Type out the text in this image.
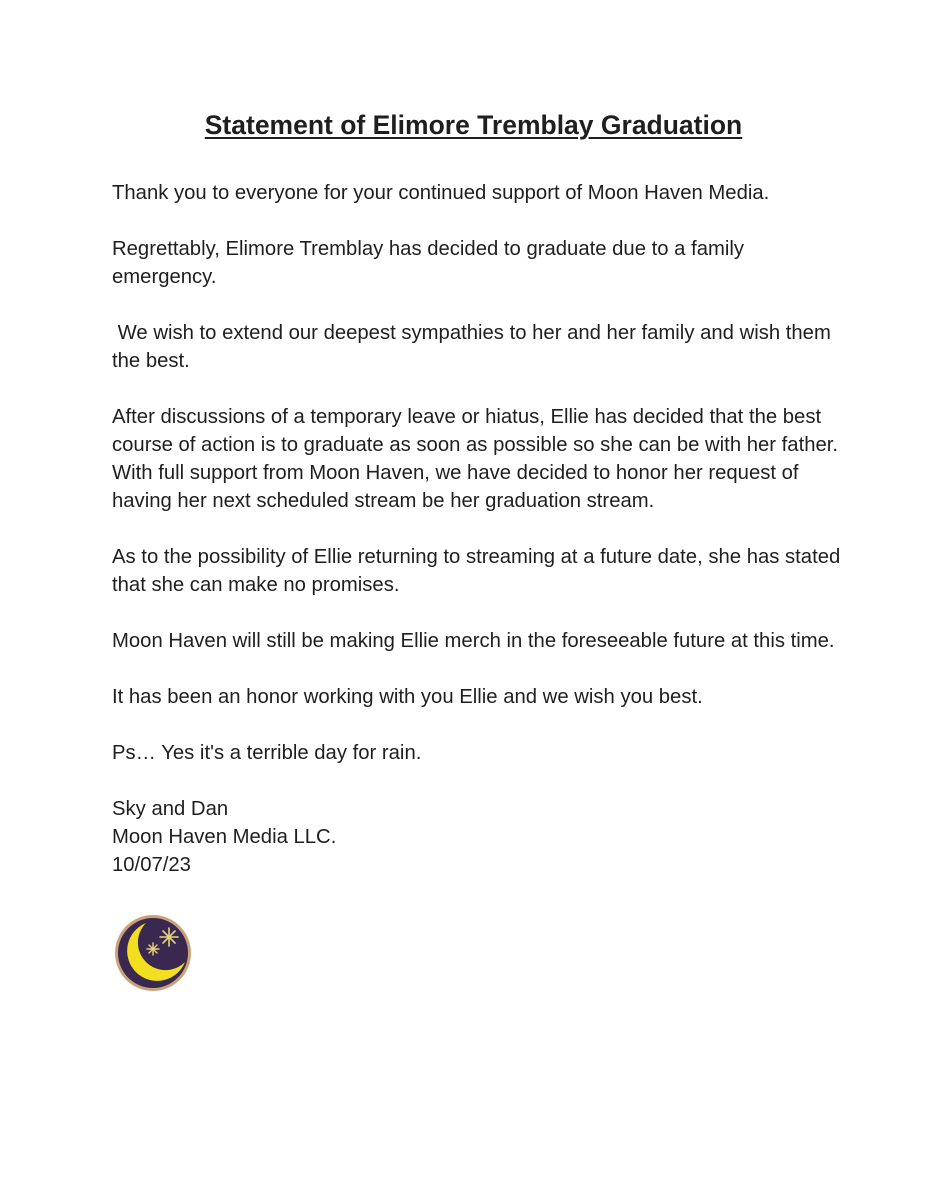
Statement of Elimore Tremblay Graduation

Thank you to everyone for your continued support of Moon Haven Media.

Regrettably, Elimore Tremblay has decided to graduate due to a family emergency.

We wish to extend our deepest sympathies to her and her family and wish them the best.

After discussions of a temporary leave or hiatus, Ellie has decided that the best course of action is to graduate as soon as possible so she can be with her father. With full support from Moon Haven, we have decided to honor her request of having her next scheduled stream be her graduation stream.

As to the possibility of Ellie returning to streaming at a future date, she has stated that she can make no promises.

Moon Haven will still be making Ellie merch in the foreseeable future at this time.

It has been an honor working with you Ellie and we wish you best.

Ps… Yes it's a terrible day for rain.

Sky and Dan

Moon Haven Media LLC.

10/07/23
